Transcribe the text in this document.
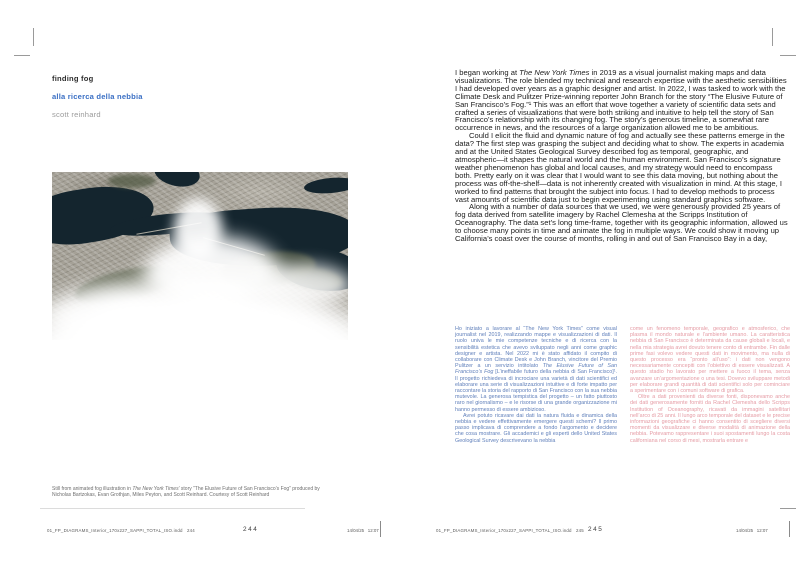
finding fog
alla ricerca della nebbia
scott reinhard
Still from animated fog illustration in The New York Times’ story “The Elusive Future of San Francisco’s Fog” produced by Nicholas Bartzokas, Evan Grothjan, Miles Peyton, and Scott Reinhard. Courtesy of Scott Reinhard
01_FP_DIAGRAMS_Interior_170x227_SAPPI_TOTAL_ISO.indd   244	244	14/04/25 12:07

I began working at The New York Times in 2019 as a visual journalist making maps and data visualizations. The role blended my technical and research expertise with the aesthetic sensibilities I had developed over years as a graphic designer and artist. In 2022, I was tasked to work with the Climate Desk and Pulitzer Prize-winning reporter John Branch for the story “The Elusive Future of San Francisco’s Fog.”¹ This was an effort that wove together a variety of scientific data sets and crafted a series of visualizations that were both striking and intuitive to help tell the story of San Francisco’s relationship with its changing fog. The story’s generous timeline, a somewhat rare occurrence in news, and the resources of a large organization allowed me to be ambitious.

Could I elicit the fluid and dynamic nature of fog and actually see these patterns emerge in the data? The first step was grasping the subject and deciding what to show. The experts in academia and at the United States Geological Survey described fog as temporal, geographic, and atmospheric—it shapes the natural world and the human environment. San Francisco’s signature weather phenomenon has global and local causes, and my strategy would need to encompass both. Pretty early on it was clear that I would want to see this data moving, but nothing about the process was off-the-shelf—data is not inherently created with visualization in mind. At this stage, I worked to find patterns that brought the subject into focus. I had to develop methods to process vast amounts of scientific data just to begin experimenting using standard graphics software.

Along with a number of data sources that we used, we were generously provided 25 years of fog data derived from satellite imagery by Rachel Clemesha at the Scripps Institution of Oceanography. The data set’s long time-frame, together with its geographic information, allowed us to choose many points in time and animate the fog in multiple ways. We could show it moving up California’s coast over the course of months, rolling in and out of San Francisco Bay in a day,

Ho iniziato a lavorare al “The New York Times” come visual journalist nel 2019, realizzando mappe e visualizzazioni di dati. Il ruolo univa le mie competenze tecniche e di ricerca con la sensibilità estetica che avevo sviluppato negli anni come graphic designer e artista. Nel 2022 mi è stato affidato il compito di collaborare con Climate Desk e John Branch, vincitore del Premio Pulitzer a un servizio intitolato The Elusive Future of San Francisco’s Fog [L’ineffabile futuro della nebbia di San Francisco]¹. Il progetto richiedeva di incrociare una varietà di dati scientifici ed elaborare una serie di visualizzazioni intuitive e di forte impatto per raccontare la storia del rapporto di San Francisco con la sua nebbia mutevole. La generosa tempistica del progetto – un fatto piuttosto raro nel giornalismo – e le risorse di una grande organizzazione mi hanno permesso di essere ambizioso.

Avrei potuto ricavare dai dati la natura fluida e dinamica della nebbia e vedere effettivamente emergere questi schemi? Il primo passo implicava di comprendere a fondo l’argomento e decidere che cosa mostrare. Gli accademici e gli esperti dello United States Geological Survey descrivevano la nebbia

come un fenomeno temporale, geografico e atmosferico, che plasma il mondo naturale e l’ambiente umano. La caratteristica nebbia di San Francisco è determinata da cause globali e locali, e nella mia strategia avrei dovuto tenere conto di entrambe. Fin dalle prime fasi volevo vedere questi dati in movimento, ma nulla di questo processo era “pronto all’uso”: i dati non vengono necessariamente concepiti con l’obiettivo di essere visualizzati. A questo stadio ho lavorato per mettere a fuoco il tema, senza avanzare un’argomentazione o una tesi. Dovevo sviluppare metodi per elaborare grandi quantità di dati scientifici solo per cominciare a sperimentare con i comuni software di grafica.

Oltre a dati provenienti da diverse fonti, disponevamo anche dei dati generosamente forniti da Rachel Clemesha dello Scripps Institution of Oceanography, ricavati da immagini satellitari nell’arco di 25 anni. Il lungo arco temporale del dataset e le precise informazioni geografiche ci hanno consentito di scegliere diversi momenti da visualizzare e diverse modalità di animazione della nebbia. Potevamo rappresentare i suoi spostamenti lungo la costa californiana nel corso di mesi, mostrarla entrare e

01_FP_DIAGRAMS_Interior_170x227_SAPPI_TOTAL_ISO.indd   245 245	14/04/25 12:07
